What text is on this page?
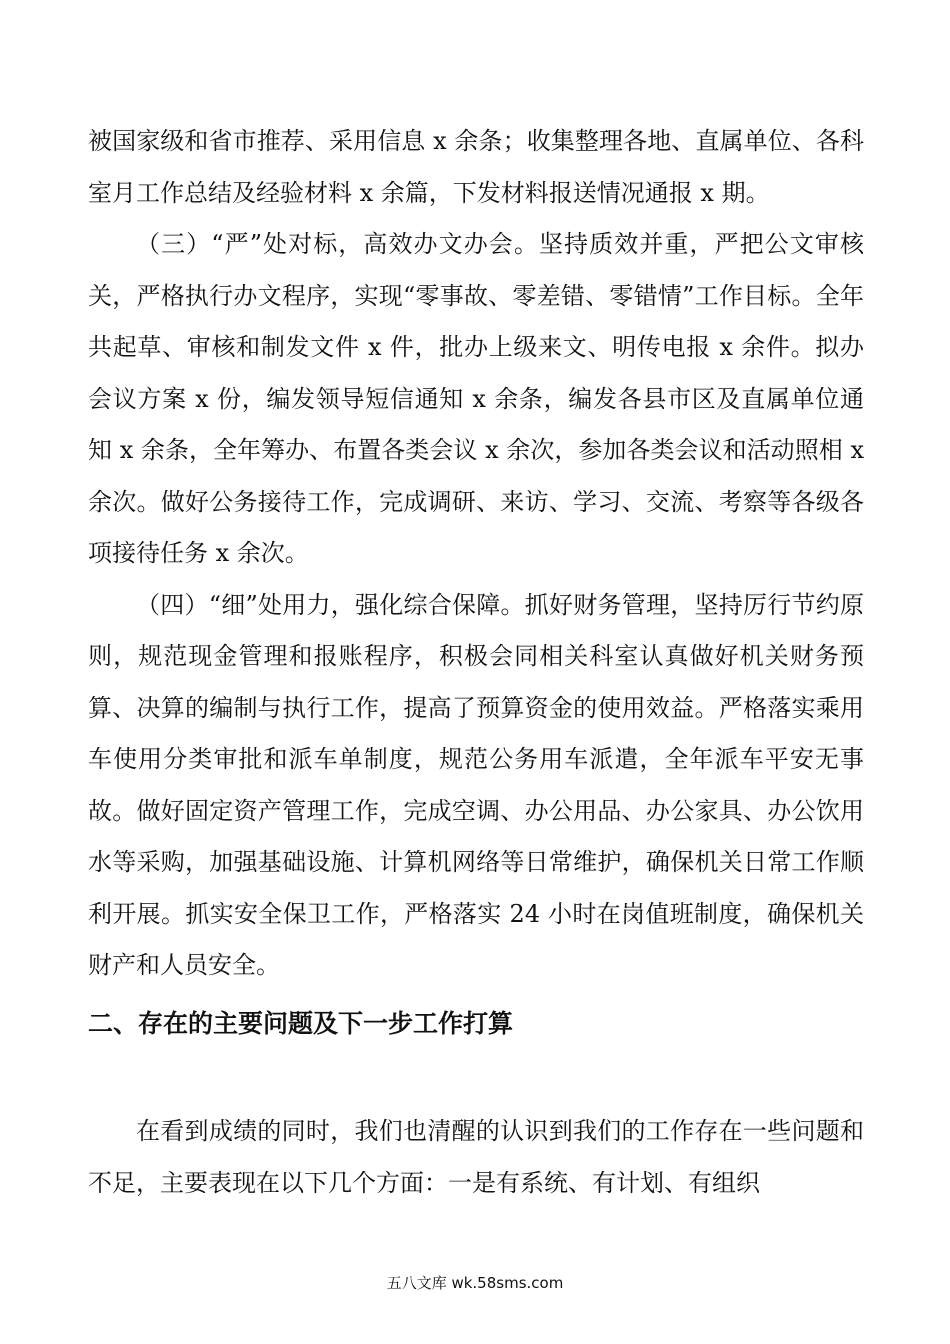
被国家级和省市推荐、采用信息 x 余条；收集整理各地、直属单位、各科室月工作总结及经验材料 x 余篇，下发材料报送情况通报 x 期。

（三）“严”处对标，高效办文办会。坚持质效并重，严把公文审核关，严格执行办文程序，实现“零事故、零差错、零错情”工作目标。全年共起草、审核和制发文件 x 件，批办上级来文、明传电报 x 余件。拟办会议方案 x 份，编发领导短信通知 x 余条，编发各县市区及直属单位通知 x 余条，全年筹办、布置各类会议 x 余次，参加各类会议和活动照相 x 余次。做好公务接待工作，完成调研、来访、学习、交流、考察等各级各项接待任务 x 余次。

（四）“细”处用力，强化综合保障。抓好财务管理，坚持厉行节约原则，规范现金管理和报账程序，积极会同相关科室认真做好机关财务预算、决算的编制与执行工作，提高了预算资金的使用效益。严格落实乘用车使用分类审批和派车单制度，规范公务用车派遣，全年派车平安无事故。做好固定资产管理工作，完成空调、办公用品、办公家具、办公饮用水等采购，加强基础设施、计算机网络等日常维护，确保机关日常工作顺利开展。抓实安全保卫工作，严格落实 24 小时在岗值班制度，确保机关财产和人员安全。

二、存在的主要问题及下一步工作打算

在看到成绩的同时，我们也清醒的认识到我们的工作存在一些问题和不足，主要表现在以下几个方面：一是有系统、有计划、有组织

五八文库 wk.58sms.com
